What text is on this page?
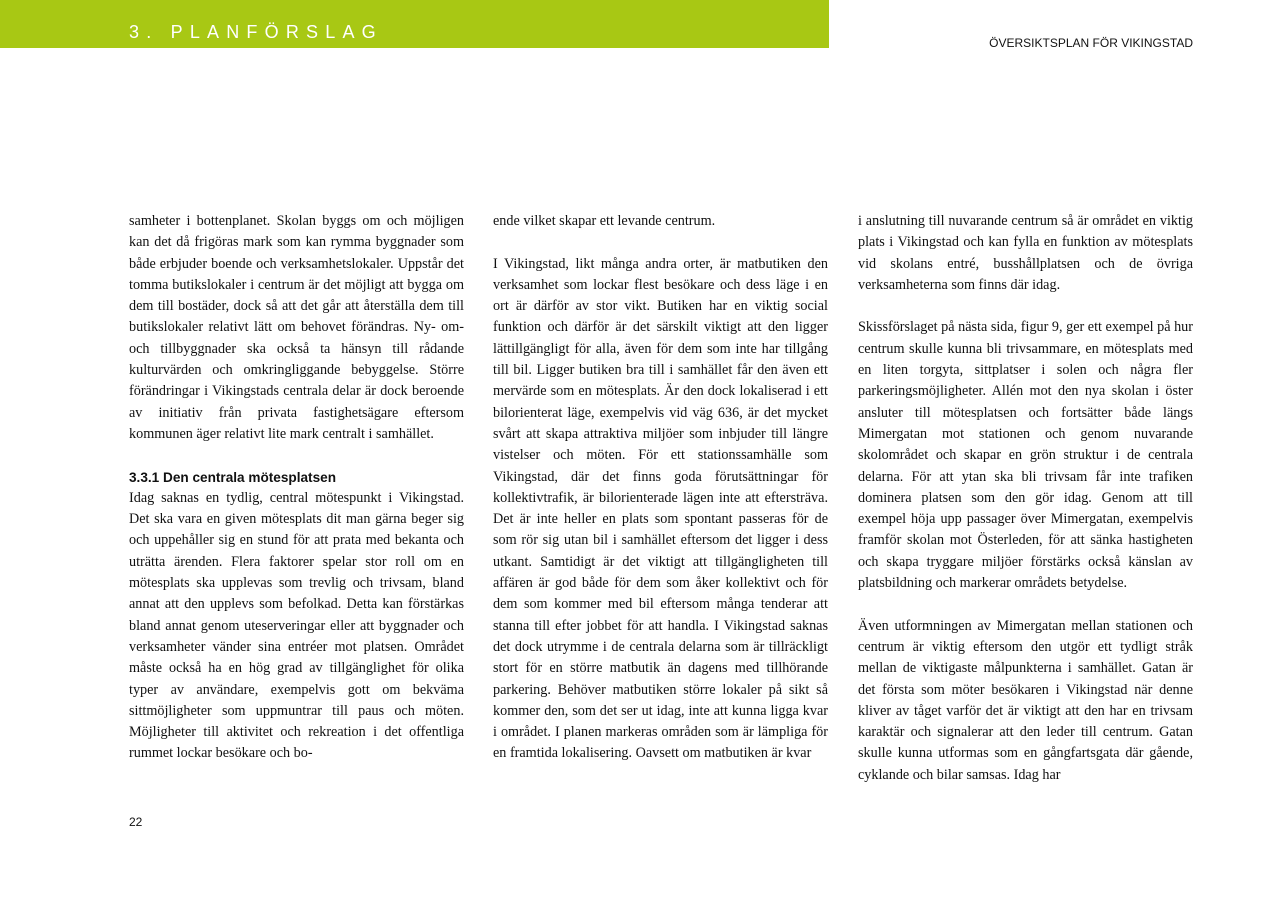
3. PLANFÖRSLAG
ÖVERSIKTSPLAN FÖR VIKINGSTAD

samheter i bottenplanet. Skolan byggs om och möjligen kan det då frigöras mark som kan rymma byggnader som både erbjuder boende och verksamhetslokaler. Uppstår det tomma butikslokaler i centrum är det möjligt att bygga om dem till bostäder, dock så att det går att återställa dem till butikslokaler relativt lätt om behovet förändras. Ny- om- och tillbyggnader ska också ta hänsyn till rådande kulturvärden och omkringliggande bebyggelse. Större förändringar i Vikingstads centrala delar är dock beroende av initiativ från privata fastighetsägare eftersom kommunen äger relativt lite mark centralt i samhället.

3.3.1 Den centrala mötesplatsen

Idag saknas en tydlig, central mötespunkt i Vikingstad. Det ska vara en given mötesplats dit man gärna beger sig och uppehåller sig en stund för att prata med bekanta och uträtta ärenden. Flera faktorer spelar stor roll om en mötesplats ska upplevas som trevlig och trivsam, bland annat att den upplevs som befolkad. Detta kan förstärkas bland annat genom uteserveringar eller att byggnader och verksamheter vänder sina entréer mot platsen. Området måste också ha en hög grad av tillgänglighet för olika typer av användare, exempelvis gott om bekväma sittmöjligheter som uppmuntrar till paus och möten. Möjligheter till aktivitet och rekreation i det offentliga rummet lockar besökare och bo-

ende vilket skapar ett levande centrum.

I Vikingstad, likt många andra orter, är matbutiken den verksamhet som lockar flest besökare och dess läge i en ort är därför av stor vikt. Butiken har en viktig social funktion och därför är det särskilt viktigt att den ligger lättillgängligt för alla, även för dem som inte har tillgång till bil. Ligger butiken bra till i samhället får den även ett mervärde som en mötesplats. Är den dock lokaliserad i ett bilorienterat läge, exempelvis vid väg 636, är det mycket svårt att skapa attraktiva miljöer som inbjuder till längre vistelser och möten. För ett stationssamhälle som Vikingstad, där det finns goda förutsättningar för kollektivtrafik, är bilorienterade lägen inte att eftersträva. Det är inte heller en plats som spontant passeras för de som rör sig utan bil i samhället eftersom det ligger i dess utkant. Samtidigt är det viktigt att tillgängligheten till affären är god både för dem som åker kollektivt och för dem som kommer med bil eftersom många tenderar att stanna till efter jobbet för att handla. I Vikingstad saknas det dock utrymme i de centrala delarna som är tillräckligt stort för en större matbutik än dagens med tillhörande parkering. Behöver matbutiken större lokaler på sikt så kommer den, som det ser ut idag, inte att kunna ligga kvar i området. I planen markeras områden som är lämpliga för en framtida lokalisering. Oavsett om matbutiken är kvar

i anslutning till nuvarande centrum så är området en viktig plats i Vikingstad och kan fylla en funktion av mötesplats vid skolans entré, busshållplatsen och de övriga verksamheterna som finns där idag.

Skissförslaget på nästa sida, figur 9, ger ett exempel på hur centrum skulle kunna bli trivsammare, en mötesplats med en liten torgyta, sittplatser i solen och några fler parkeringsmöjligheter. Allén mot den nya skolan i öster ansluter till mötesplatsen och fortsätter både längs Mimergatan mot stationen och genom nuvarande skolområdet och skapar en grön struktur i de centrala delarna. För att ytan ska bli trivsam får inte trafiken dominera platsen som den gör idag. Genom att till exempel höja upp passager över Mimergatan, exempelvis framför skolan mot Österleden, för att sänka hastigheten och skapa tryggare miljöer förstärks också känslan av platsbildning och markerar områdets betydelse.

Även utformningen av Mimergatan mellan stationen och centrum är viktig eftersom den utgör ett tydligt stråk mellan de viktigaste målpunkterna i samhället. Gatan är det första som möter besökaren i Vikingstad när denne kliver av tåget varför det är viktigt att den har en trivsam karaktär och signalerar att den leder till centrum. Gatan skulle kunna utformas som en gångfartsgata där gående, cyklande och bilar samsas. Idag har

22
